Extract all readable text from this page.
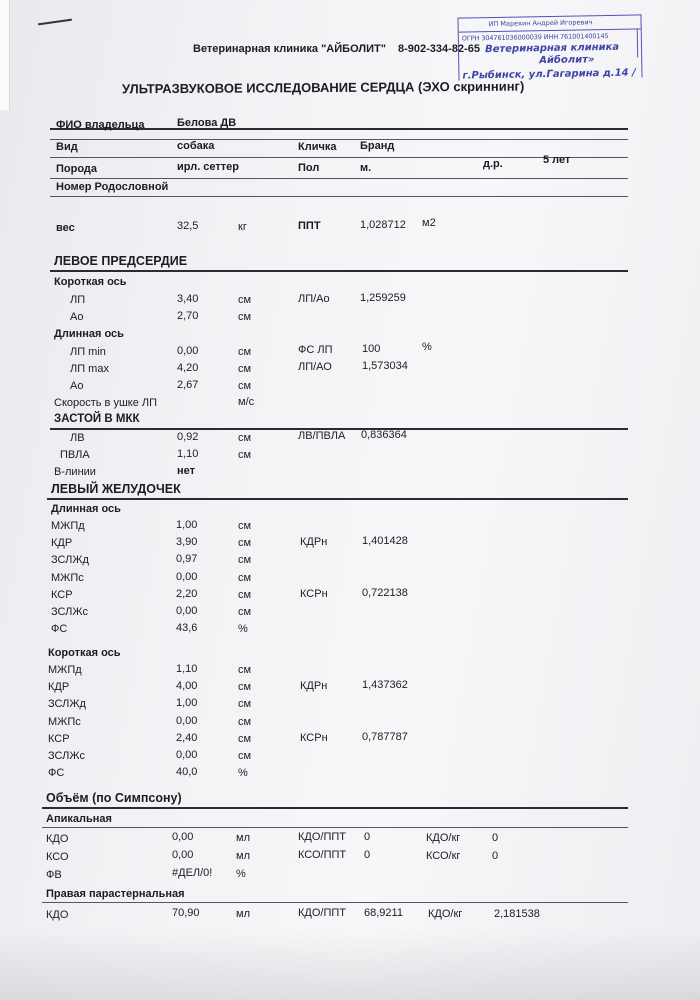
Ветеринарная клиника "АЙБОЛИТ" 8-902-334-82-65
ИП Марехин Андрей Игоревич
ОГРН 304761036000039 ИНН 761001400145
Ветеринарная клиника
Айболит»
г.Рыбинск, ул.Гагарина д.14 /
УЛЬТРАЗВУКОВОЕ ИССЛЕДОВАНИЕ СЕРДЦА (ЭХО скриннинг)
ФИО владельца	Белова ДВ
Вид	собака	Кличка Бранд
Порода	ирл. сеттер	Пол	м.	д.р.	5 лет
Номер Родословной
вес	32,5	кг	ППТ	1,028712 м2
ЛЕВОЕ ПРЕДСЕРДИЕ
Короткая ось
ЛП	3,40	см	ЛП/Ао	1,259259
Ао	2,70	см
Длинная ось
ЛП min	0,00	см	ФС ЛП	100	%
ЛП max	4,20	см	ЛП/АО	1,573034
Ао	2,67	см
Скорость в ушке ЛП	м/с
ЗАСТОЙ В МКК
ЛВ	0,92	см	ЛВ/ПВЛА 0,836364
ПВЛА	1,10	см
В-линии	нет
ЛЕВЫЙ ЖЕЛУДОЧЕК
Длинная ось
МЖПд	1,00	см
КДР	3,90	см	КДРн	1,401428
ЗСЛЖд	0,97	см
МЖПс	0,00	см
КСР	2,20	см	КСРн	0,722138
ЗСЛЖс	0,00	см
ФС	43,6	%
Короткая ось
МЖПд	1,10	см
КДР	4,00	см	КДРн	1,437362
ЗСЛЖд	1,00	см
МЖПс	0,00	см
КСР	2,40	см	КСРн	0,787787
ЗСЛЖс	0,00	см
ФС	40,0	%
Объём (по Симпсону)
Апикальная
КДО	0,00	мл	КДО/ППТ 0	КДО/кг	0
КСО	0,00	мл	КСО/ППТ 0	КСО/кг	0
ФВ	#ДЕЛ/0! %
Правая парастернальная
КДО	70,90	мл	КДО/ППТ 68,9211 КДО/кг	2,181538
